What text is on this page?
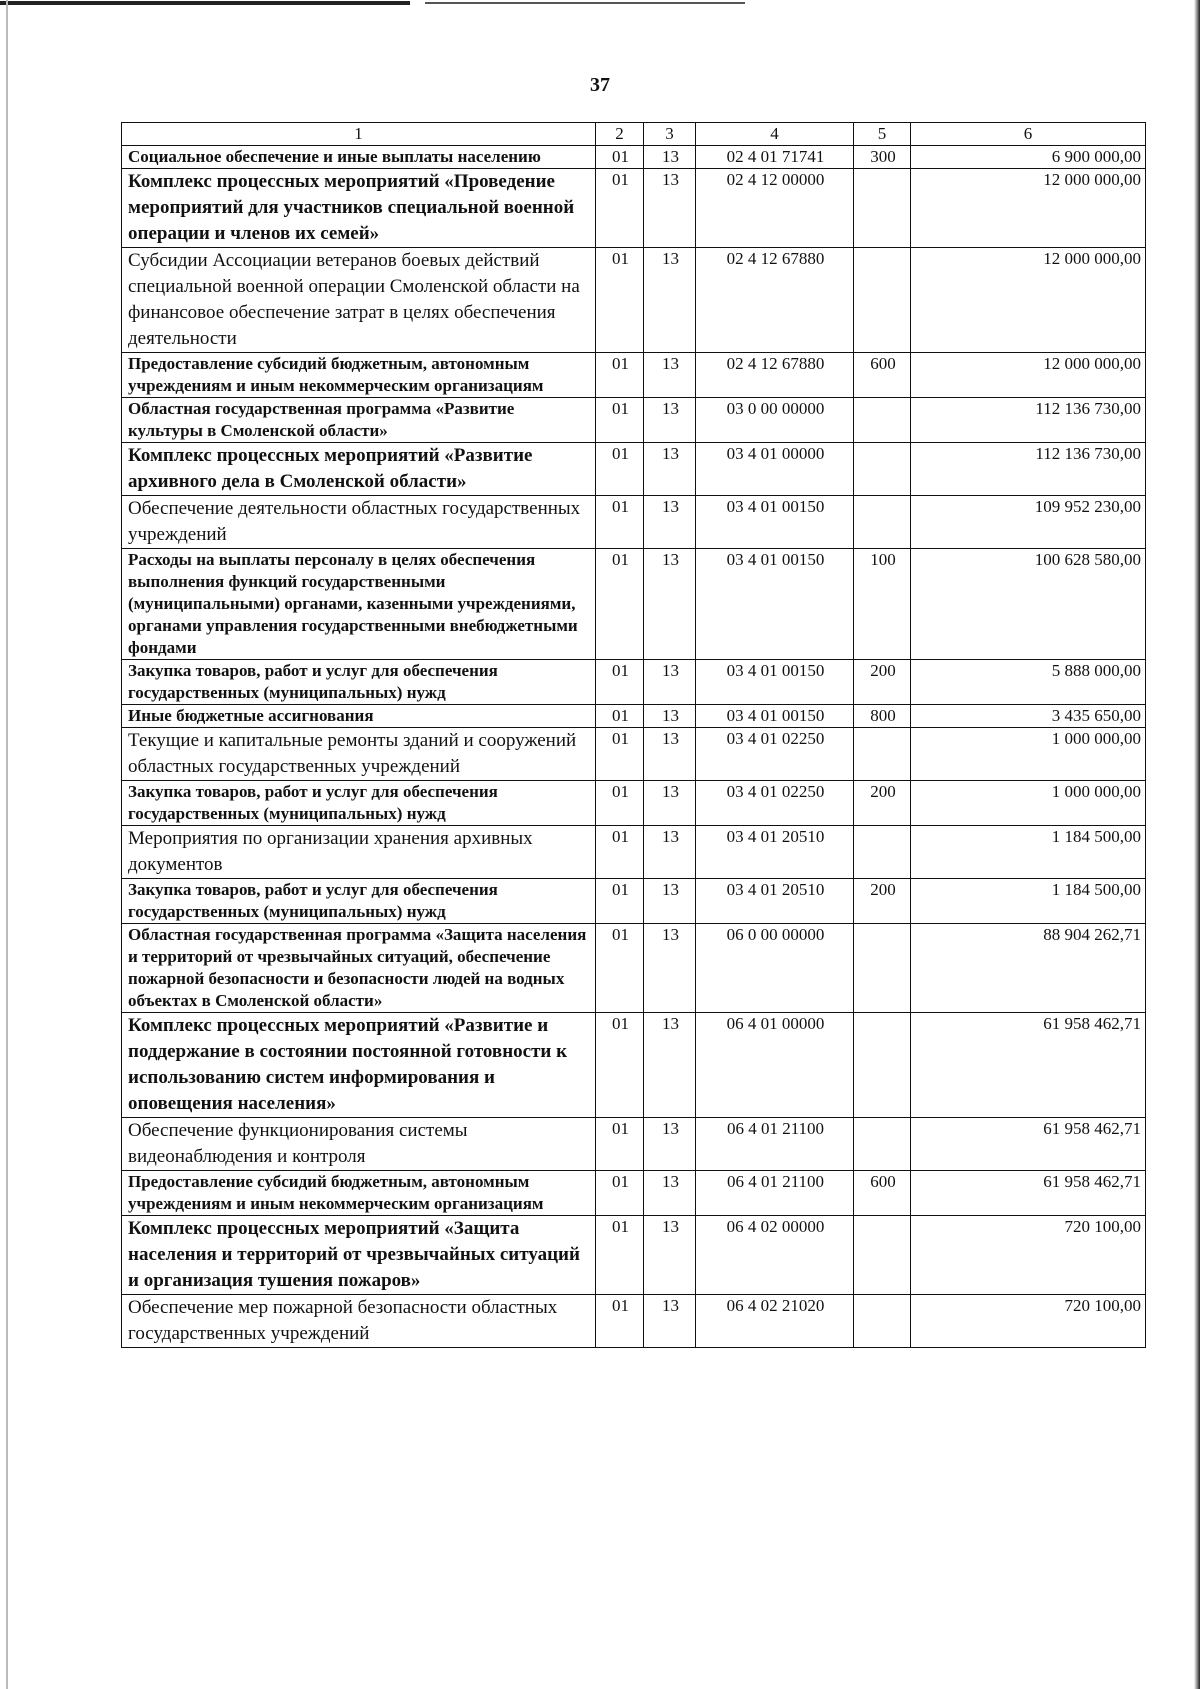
37
1	2	3	4	5	6
Социальное обеспечение и иные выплаты населению	01	13	02 4 01 71741	300	6 900 000,00
Комплекс процессных мероприятий «Проведение мероприятий для участников специальной военной операции и членов их семей»	01	13	02 4 12 00000		12 000 000,00
Субсидии Ассоциации ветеранов боевых действий специальной военной операции Смоленской области на финансовое обеспечение затрат в целях обеспечения деятельности	01	13	02 4 12 67880		12 000 000,00
Предоставление субсидий бюджетным, автономным учреждениям и иным некоммерческим организациям	01	13	02 4 12 67880	600	12 000 000,00
Областная государственная программа «Развитие культуры в Смоленской области»	01	13	03 0 00 00000		112 136 730,00
Комплекс процессных мероприятий «Развитие архивного дела в Смоленской области»	01	13	03 4 01 00000		112 136 730,00
Обеспечение деятельности областных государственных учреждений	01	13	03 4 01 00150		109 952 230,00
Расходы на выплаты персоналу в целях обеспечения выполнения функций государственными (муниципальными) органами, казенными учреждениями, органами управления государственными внебюджетными фондами	01	13	03 4 01 00150	100	100 628 580,00
Закупка товаров, работ и услуг для обеспечения государственных (муниципальных) нужд	01	13	03 4 01 00150	200	5 888 000,00
Иные бюджетные ассигнования	01	13	03 4 01 00150	800	3 435 650,00
Текущие и капитальные ремонты зданий и сооружений областных государственных учреждений	01	13	03 4 01 02250		1 000 000,00
Закупка товаров, работ и услуг для обеспечения государственных (муниципальных) нужд	01	13	03 4 01 02250	200	1 000 000,00
Мероприятия по организации хранения архивных документов	01	13	03 4 01 20510		1 184 500,00
Закупка товаров, работ и услуг для обеспечения государственных (муниципальных) нужд	01	13	03 4 01 20510	200	1 184 500,00
Областная государственная программа «Защита населения и территорий от чрезвычайных ситуаций, обеспечение пожарной безопасности и безопасности людей на водных объектах в Смоленской области»	01	13	06 0 00 00000		88 904 262,71
Комплекс процессных мероприятий «Развитие и поддержание в состоянии постоянной готовности к использованию систем информирования и оповещения населения»	01	13	06 4 01 00000		61 958 462,71
Обеспечение функционирования системы видеонаблюдения и контроля	01	13	06 4 01 21100		61 958 462,71
Предоставление субсидий бюджетным, автономным учреждениям и иным некоммерческим организациям	01	13	06 4 01 21100	600	61 958 462,71
Комплекс процессных мероприятий «Защита населения и территорий от чрезвычайных ситуаций и организация тушения пожаров»	01	13	06 4 02 00000		720 100,00
Обеспечение мер пожарной безопасности областных государственных учреждений	01	13	06 4 02 21020		720 100,00
